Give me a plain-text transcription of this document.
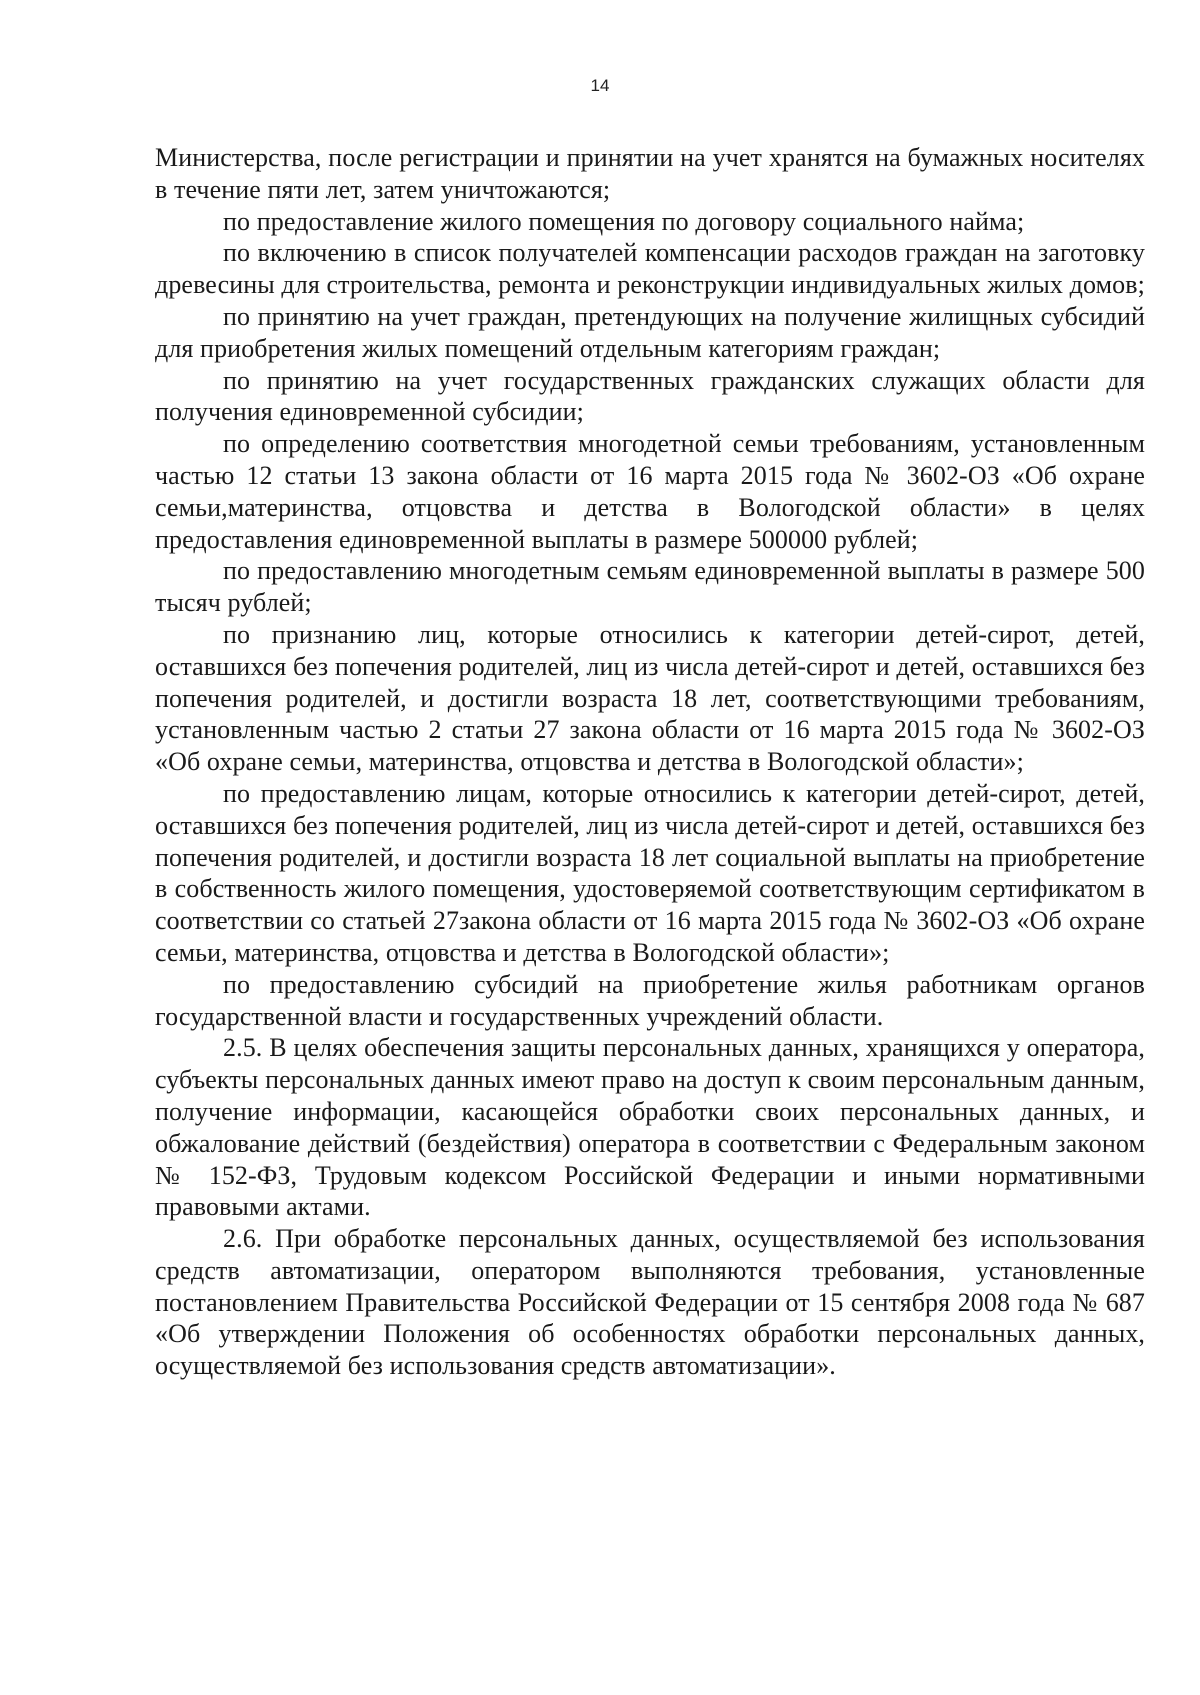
14

Министерства, после регистрации и принятии на учет хранятся на бумажных носителях в течение пяти лет, затем уничтожаются;

по предоставление жилого помещения по договору социального найма;

по включению в список получателей компенсации расходов граждан на заготовку древесины для строительства, ремонта и реконструкции индивидуальных жилых домов;

по принятию на учет граждан, претендующих на получение жилищных субсидий для приобретения жилых помещений отдельным категориям граждан;

по принятию на учет государственных гражданских служащих области для получения единовременной субсидии;

по определению соответствия многодетной семьи требованиям, установленным частью 12 статьи 13 закона области от 16 марта 2015 года № 3602-ОЗ «Об охране семьи,материнства, отцовства и детства в Вологодской области» в целях предоставления единовременной выплаты в размере 500000 рублей;

по предоставлению многодетным семьям единовременной выплаты в размере 500 тысяч рублей;

по признанию лиц, которые относились к категории детей-сирот, детей, оставшихся без попечения родителей, лиц из числа детей-сирот и детей, оставшихся без попечения родителей, и достигли возраста 18 лет, соответствующими требованиям, установленным частью 2 статьи 27 закона области от 16 марта 2015 года № 3602-ОЗ «Об охране семьи, материнства, отцовства и детства в Вологодской области»;

по предоставлению лицам, которые относились к категории детей-сирот, детей, оставшихся без попечения родителей, лиц из числа детей-сирот и детей, оставшихся без попечения родителей, и достигли возраста 18 лет социальной выплаты на приобретение в собственность жилого помещения, удостоверяемой соответствующим сертификатом в соответствии со статьей 27закона области от 16 марта 2015 года № 3602-ОЗ «Об охране семьи, материнства, отцовства и детства в Вологодской области»;

по предоставлению субсидий на приобретение жилья работникам органов государственной власти и государственных учреждений области.

2.5. В целях обеспечения защиты персональных данных, хранящихся у оператора, субъекты персональных данных имеют право на доступ к своим персональным данным, получение информации, касающейся обработки своих персональных данных, и обжалование действий (бездействия) оператора в соответствии с Федеральным законом № 152-ФЗ, Трудовым кодексом Российской Федерации и иными нормативными правовыми актами.

2.6. При обработке персональных данных, осуществляемой без использования средств автоматизации, оператором выполняются требования, установленные постановлением Правительства Российской Федерации от 15 сентября 2008 года № 687 «Об утверждении Положения об особенностях обработки персональных данных, осуществляемой без использования средств автоматизации».
